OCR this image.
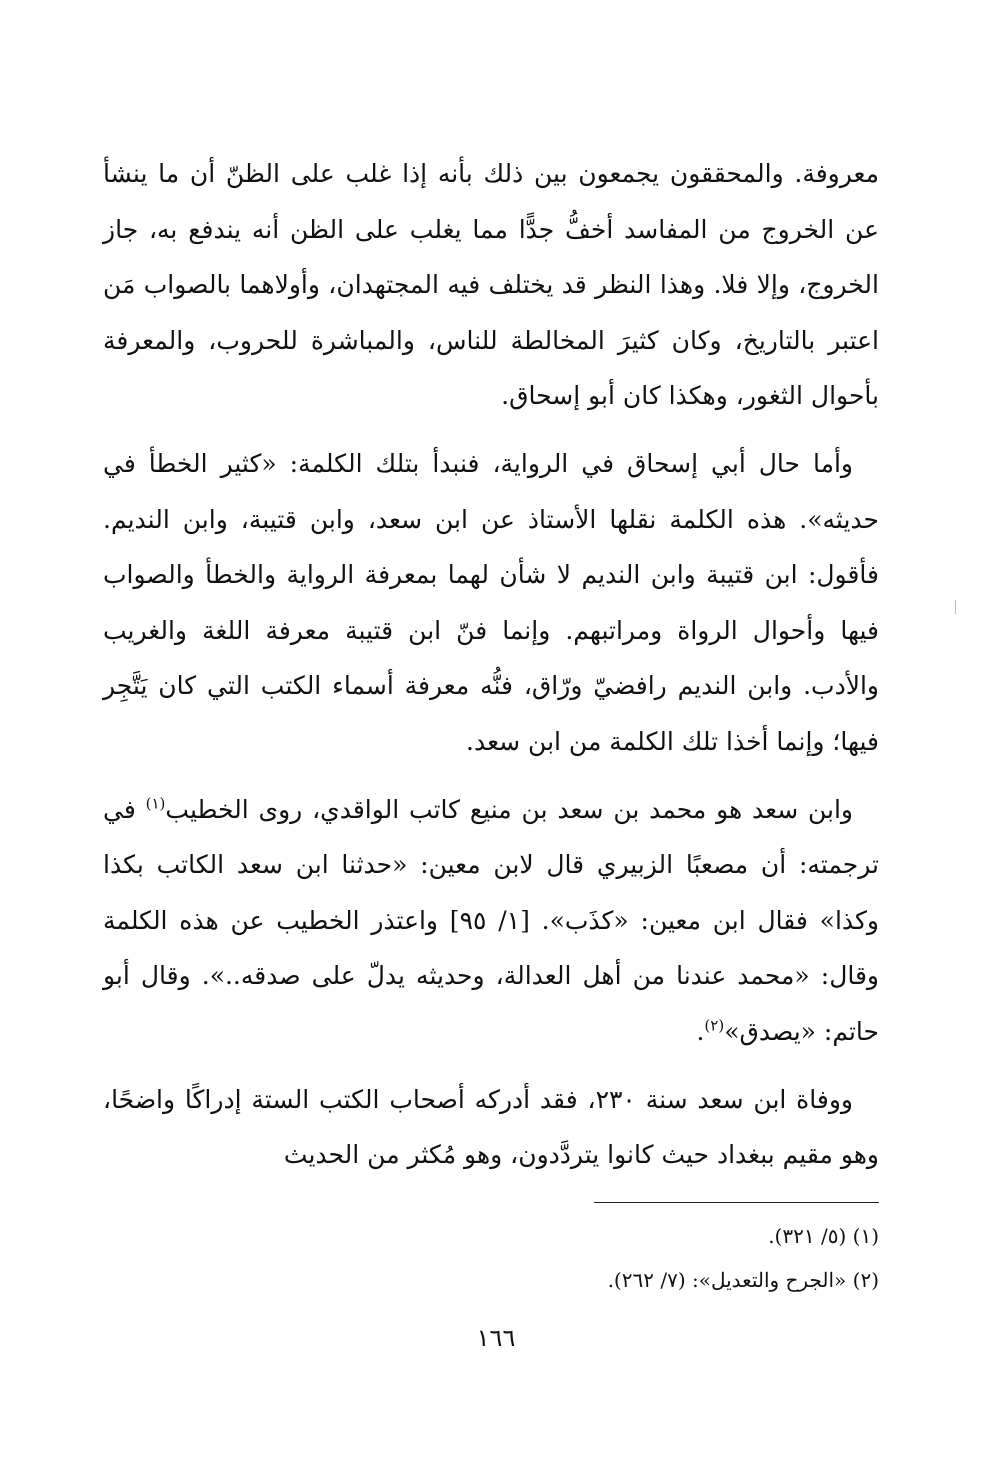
معروفة. والمحققون يجمعون بين ذلك بأنه إذا غلب على الظنّ أن ما ينشأ عن الخروج من المفاسد أخفُّ جدًّا مما يغلب على الظن أنه يندفع به، جاز الخروج، وإلا فلا. وهذا النظر قد يختلف فيه المجتهدان، وأولاهما بالصواب مَن اعتبر بالتاريخ، وكان كثيرَ المخالطة للناس، والمباشرة للحروب، والمعرفة بأحوال الثغور، وهكذا كان أبو إسحاق.

وأما حال أبي إسحاق في الرواية، فنبدأ بتلك الكلمة: «كثير الخطأ في حديثه». هذه الكلمة نقلها الأستاذ عن ابن سعد، وابن قتيبة، وابن النديم. فأقول: ابن قتيبة وابن النديم لا شأن لهما بمعرفة الرواية والخطأ والصواب فيها وأحوال الرواة ومراتبهم. وإنما فنّ ابن قتيبة معرفة اللغة والغريب والأدب. وابن النديم رافضيّ ورّاق، فنُّه معرفة أسماء الكتب التي كان يَتَّجِر فيها؛ وإنما أخذا تلك الكلمة من ابن سعد.

وابن سعد هو محمد بن سعد بن منيع كاتب الواقدي، روى الخطيب$^{(١)}$ في ترجمته: أن مصعبًا الزبيري قال لابن معين: «حدثنا ابن سعد الكاتب بكذا وكذا» فقال ابن معين: «كذَب». [١/ ٩٥] واعتذر الخطيب عن هذه الكلمة وقال: «محمد عندنا من أهل العدالة، وحديثه يدلّ على صدقه..». وقال أبو حاتم: «يصدق»$^{(٢)}$.

ووفاة ابن سعد سنة ٢٣٠، فقد أدركه أصحاب الكتب الستة إدراكًا واضحًا، وهو مقيم ببغداد حيث كانوا يتردَّدون، وهو مُكثر من الحديث

(١) (٥/ ٣٢١).

(٢) «الجرح والتعديل»: (٧/ ٢٦٢).

١٦٦
